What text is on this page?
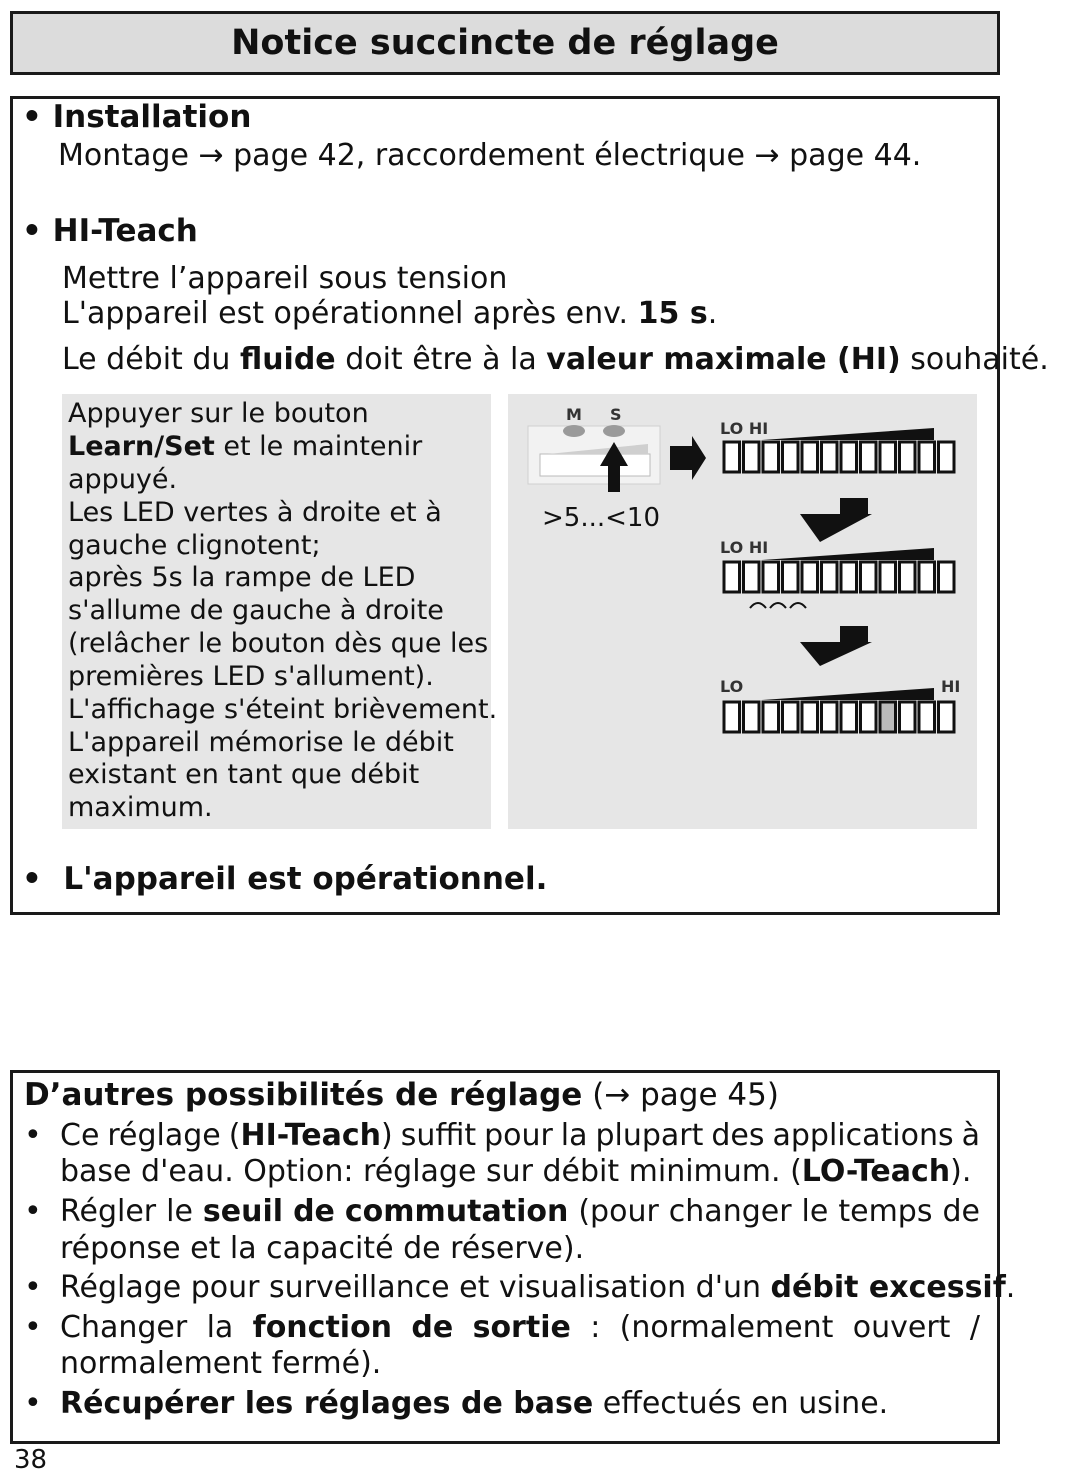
Notice succincte de réglage
• Installation
Montage → page 42, raccordement électrique → page 44.
• HI-Teach
Mettre l’appareil sous tension
L'appareil est opérationnel après env. 15 s.
Le débit du fluide doit être à la valeur maximale (HI) souhaité.
Appuyer sur le bouton
Learn/Set et le maintenir
appuyé.
Les LED vertes à droite et à
gauche clignotent;
après 5s la rampe de LED
s'allume de gauche à droite
(relâcher le bouton dès que les
premières LED s'allument).
L'affichage s'éteint brièvement.
L'appareil mémorise le débit
existant en tant que débit
maximum.
M S
>5...<10
LO HI
LO HI
LO	HI
• L'appareil est opérationnel.
D’autres possibilités de réglage (→ page 45)
• Ce réglage (HI-Teach) suffit pour la plupart des applications à
base d'eau. Option: réglage sur débit minimum. (LO-Teach).
• Régler le seuil de commutation (pour changer le temps de
réponse et la capacité de réserve).
• Réglage pour surveillance et visualisation d'un débit excessif.
• Changer la fonction de sortie : (normalement ouvert /
normalement fermé).
• Récupérer les réglages de base effectués en usine.
38
